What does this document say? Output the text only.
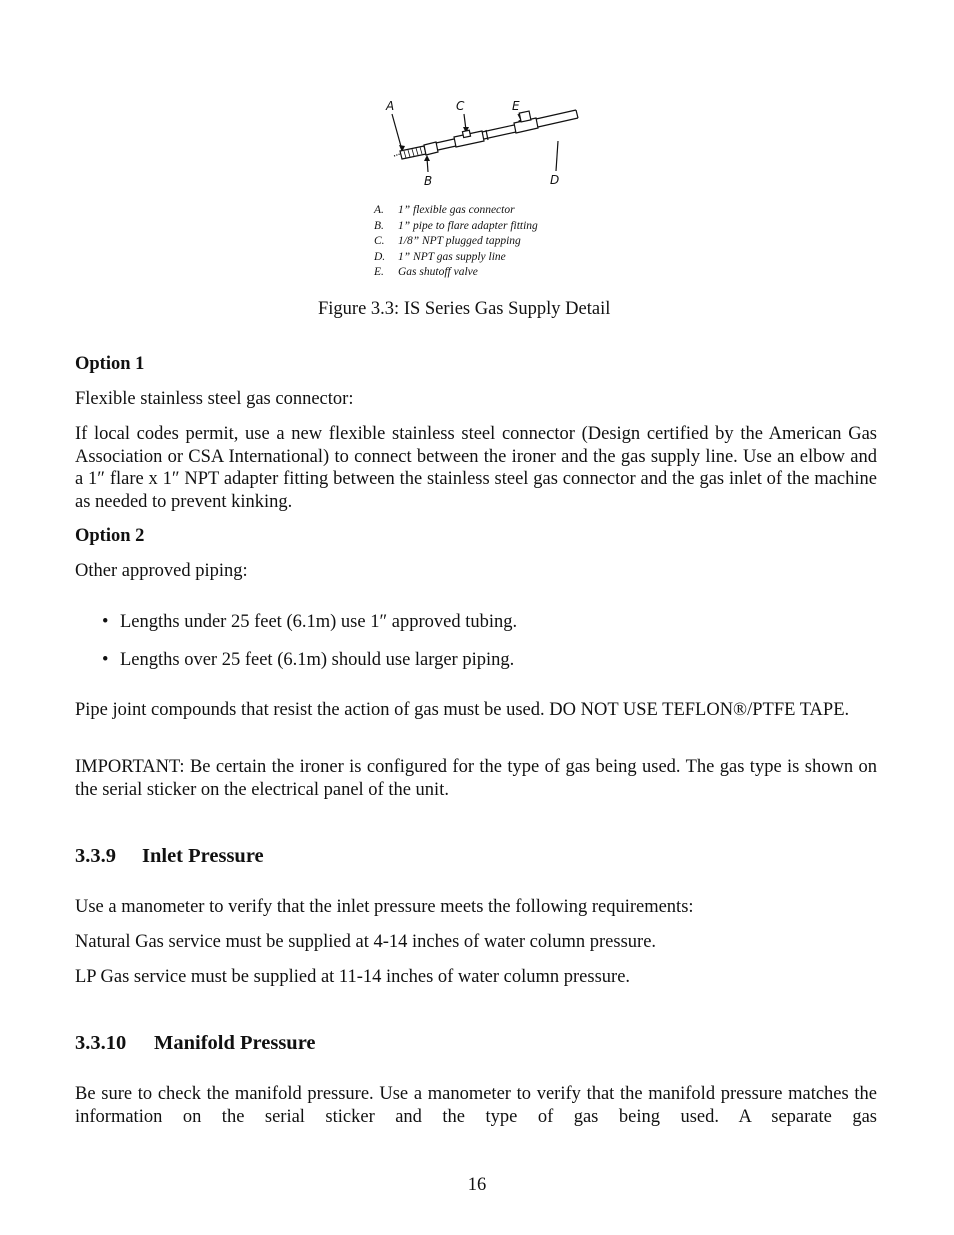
A	C	E
B	D
A. 1” flexible gas connector
B. 1” pipe to flare adapter fitting
C. 1/8” NPT plugged tapping
D. 1” NPT gas supply line
E. Gas shutoff valve

Figure 3.3: IS Series Gas Supply Detail

Option 1

Flexible stainless steel gas connector:

If local codes permit, use a new flexible stainless steel connector (Design certified by the American Gas Association or CSA International) to connect between the ironer and the gas supply line. Use an elbow and a 1″ flare x 1″ NPT adapter fitting between the stainless steel gas connector and the gas inlet of the machine as needed to prevent kinking.

Option 2

Other approved piping:

• Lengths under 25 feet (6.1m) use 1″ approved tubing.

• Lengths over 25 feet (6.1m) should use larger piping.

Pipe joint compounds that resist the action of gas must be used. DO NOT USE TEFLON®/PTFE TAPE.

IMPORTANT: Be certain the ironer is configured for the type of gas being used. The gas type is shown on the serial sticker on the electrical panel of the unit.

3.3.9 Inlet Pressure

Use a manometer to verify that the inlet pressure meets the following requirements:

Natural Gas service must be supplied at 4-14 inches of water column pressure.

LP Gas service must be supplied at 11-14 inches of water column pressure.

3.3.10 Manifold Pressure

Be sure to check the manifold pressure. Use a manometer to verify that the manifold pressure matches the information on the serial sticker and the type of gas being used. A separate gas

16
